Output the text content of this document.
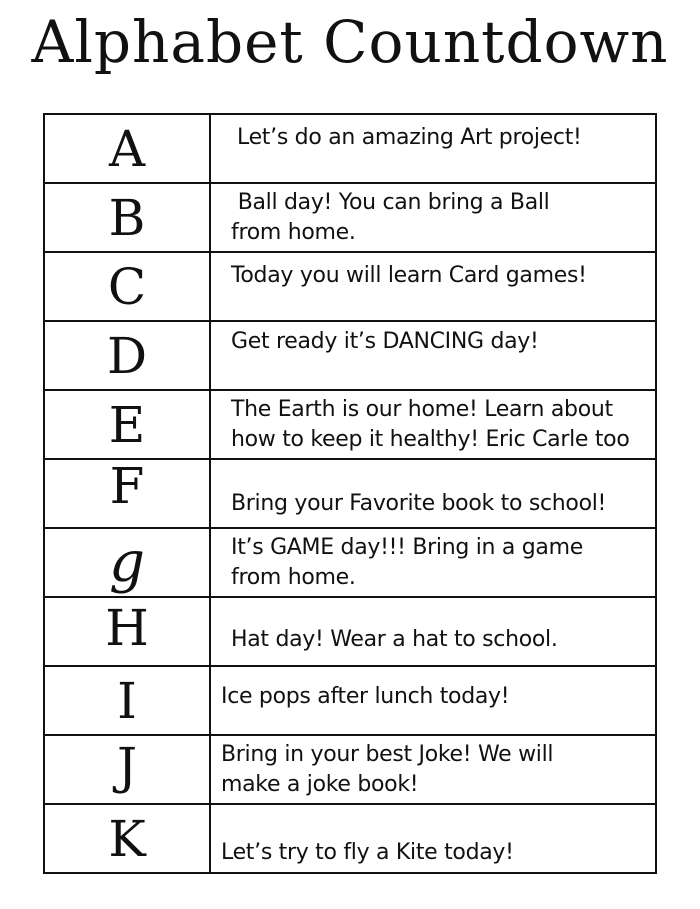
Alphabet Countdown
A	Let’s do an amazing Art project!

B	Ball day! You can bring a Ball from home.

C	Today you will learn Card games!

D	Get ready it’s DANCING day!

E	The Earth is our home! Learn about how to keep it healthy! Eric Carle too

F	Bring your Favorite book to school!

g	It’s GAME day!!! Bring in a game from home.

H	Hat day! Wear a hat to school.

I	Ice pops after lunch today!

J	Bring in your best Joke! We will make a joke book!

K	Let’s try to fly a Kite today!
